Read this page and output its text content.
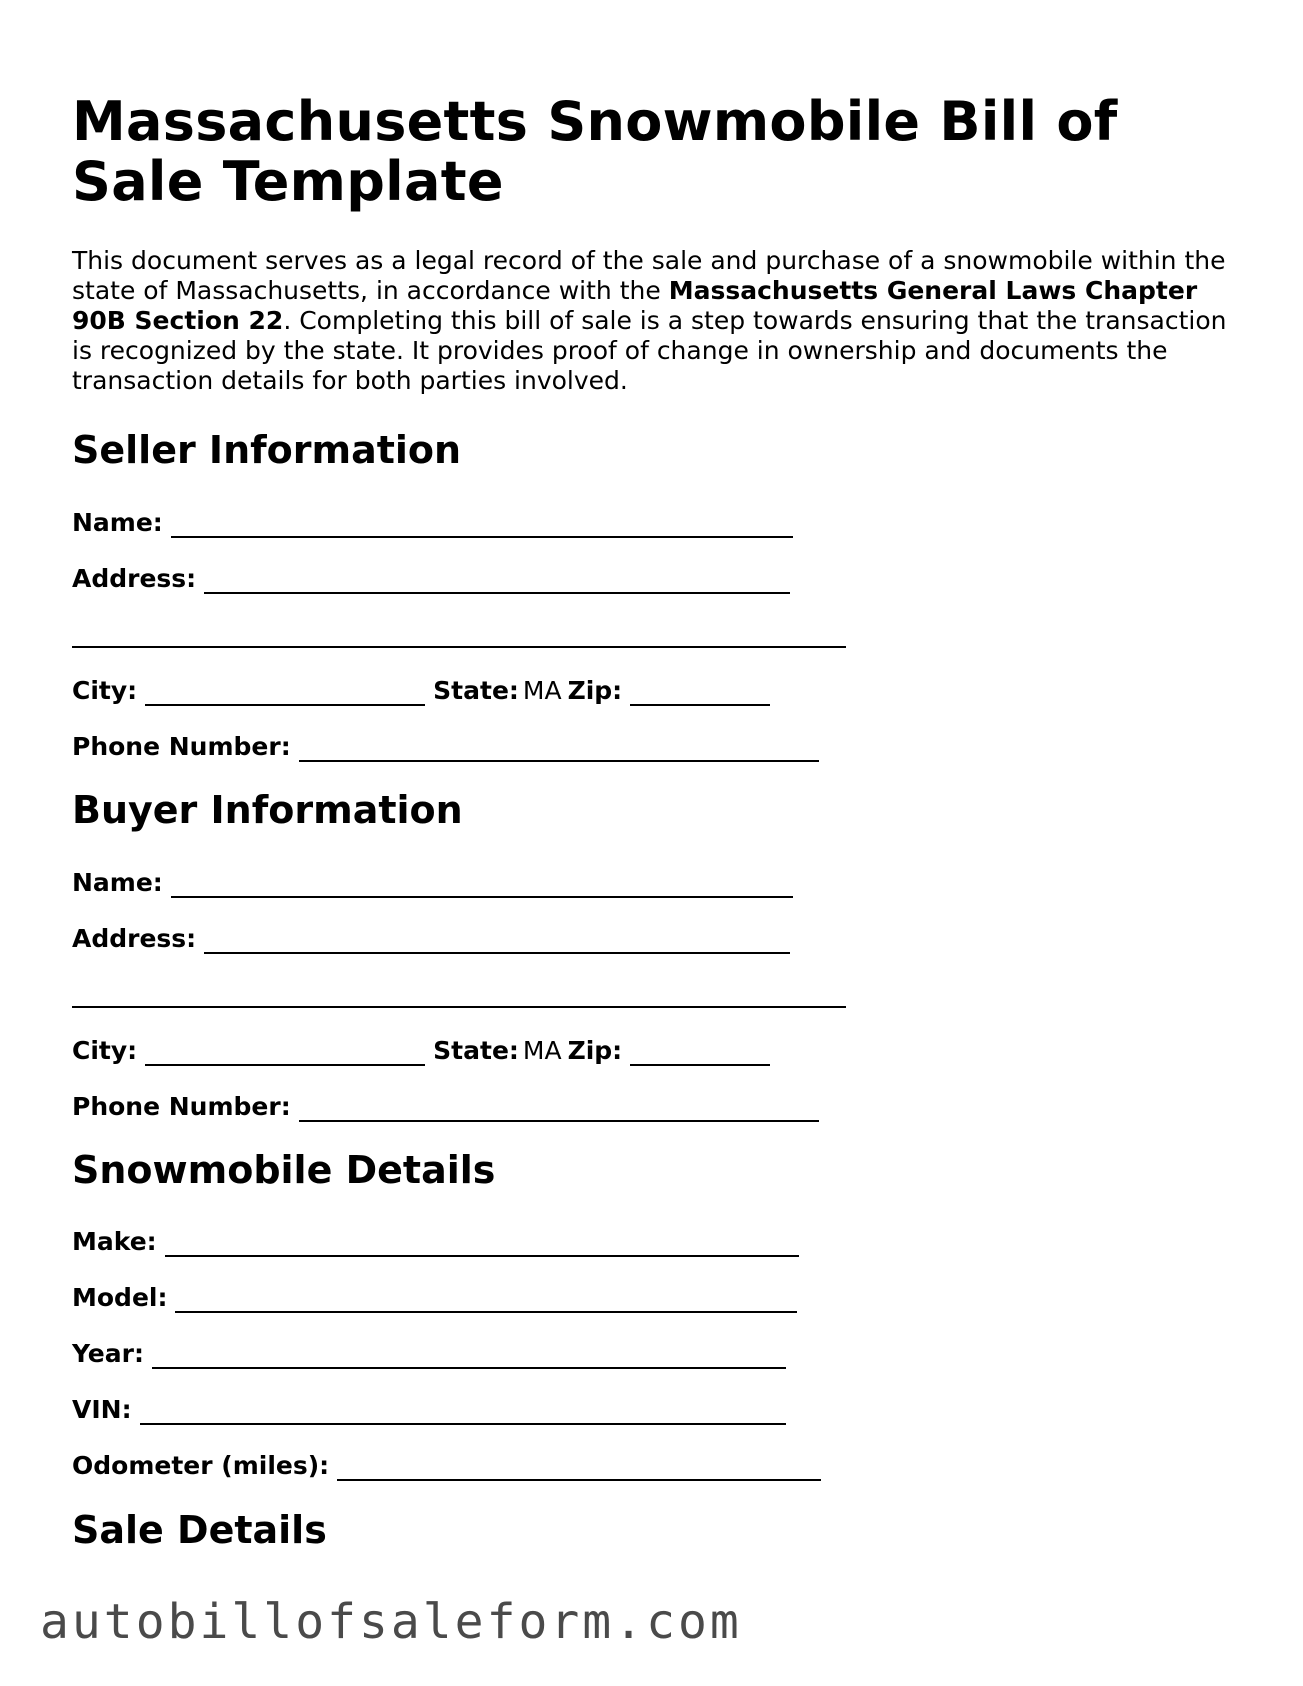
Massachusetts Snowmobile Bill of Sale Template

This document serves as a legal record of the sale and purchase of a snowmobile within the state of Massachusetts, in accordance with the Massachusetts General Laws Chapter 90B Section 22. Completing this bill of sale is a step towards ensuring that the transaction is recognized by the state. It provides proof of change in ownership and documents the transaction details for both parties involved.

Seller Information
Name:
Address:
City:	State: MA Zip:
Phone Number:
Buyer Information
Name:
Address:
City:	State: MA Zip:
Phone Number:
Snowmobile Details
Make:
Model:
Year:
VIN:
Odometer (miles):
Sale Details
autobillofsaleform.com
